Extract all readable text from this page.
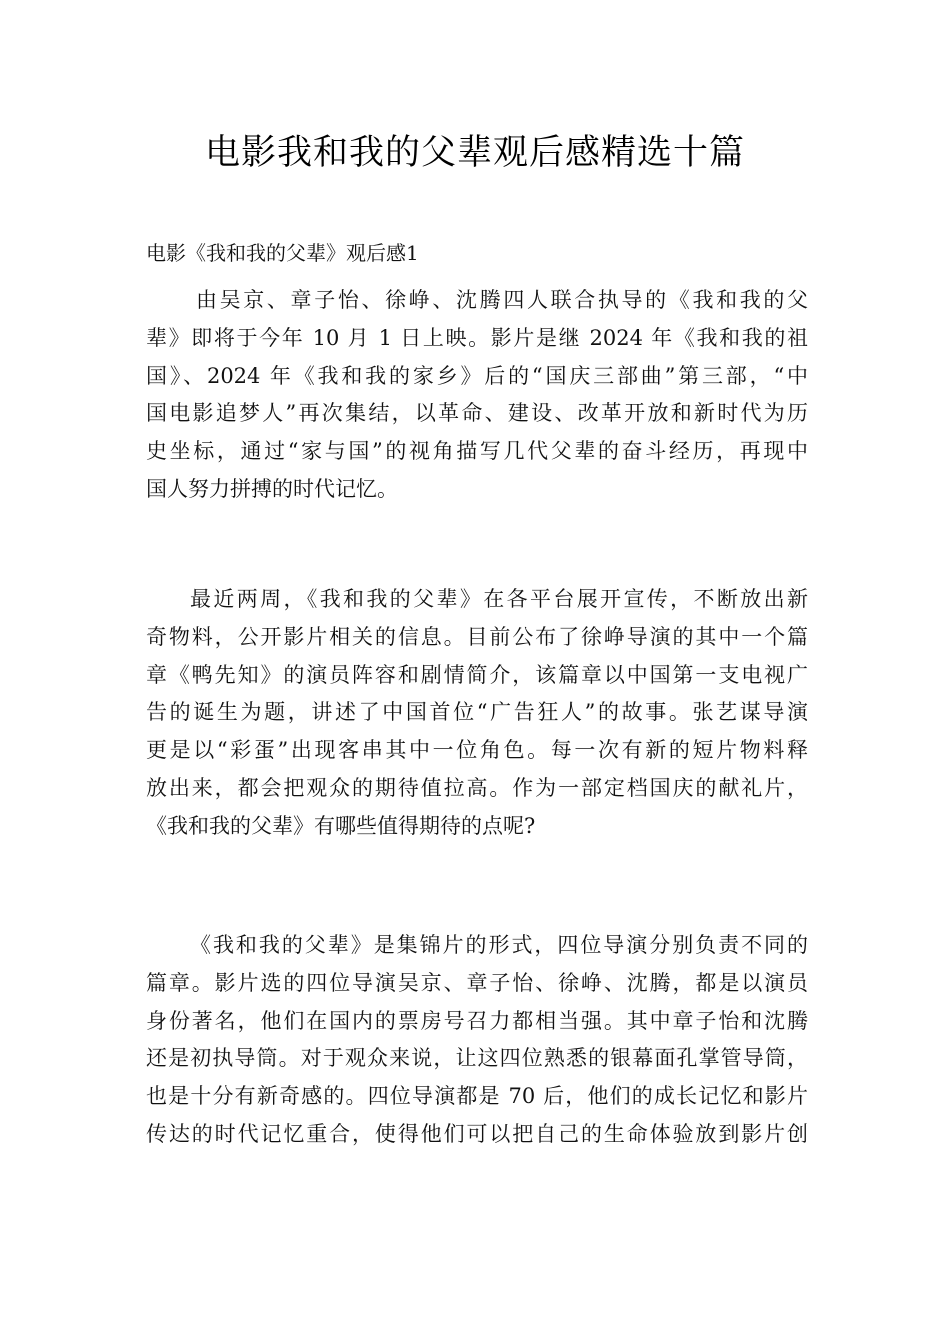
电影我和我的父辈观后感精选十篇

电影《我和我的父辈》观后感1

由吴京、章子怡、徐峥、沈腾四人联合执导的《我和我的父
辈》即将于今年 10 月 1 日上映。影片是继 2024 年《我和我的祖
国》、2024 年《我和我的家乡》后的“国庆三部曲”第三部，“中
国电影追梦人”再次集结，以革命、建设、改革开放和新时代为历
史坐标，通过“家与国”的视角描写几代父辈的奋斗经历，再现中
国人努力拼搏的时代记忆。
最近两周，《我和我的父辈》在各平台展开宣传，不断放出新
奇物料，公开影片相关的信息。目前公布了徐峥导演的其中一个篇
章《鸭先知》的演员阵容和剧情简介，该篇章以中国第一支电视广
告的诞生为题，讲述了中国首位“广告狂人”的故事。张艺谋导演
更是以“彩蛋”出现客串其中一位角色。每一次有新的短片物料释
放出来，都会把观众的期待值拉高。作为一部定档国庆的献礼片，
《我和我的父辈》有哪些值得期待的点呢?
《我和我的父辈》是集锦片的形式，四位导演分别负责不同的
篇章。影片选的四位导演吴京、章子怡、徐峥、沈腾，都是以演员
身份著名，他们在国内的票房号召力都相当强。其中章子怡和沈腾
还是初执导筒。对于观众来说，让这四位熟悉的银幕面孔掌管导筒，
也是十分有新奇感的。四位导演都是 70 后，他们的成长记忆和影片
传达的时代记忆重合，使得他们可以把自己的生命体验放到影片创
